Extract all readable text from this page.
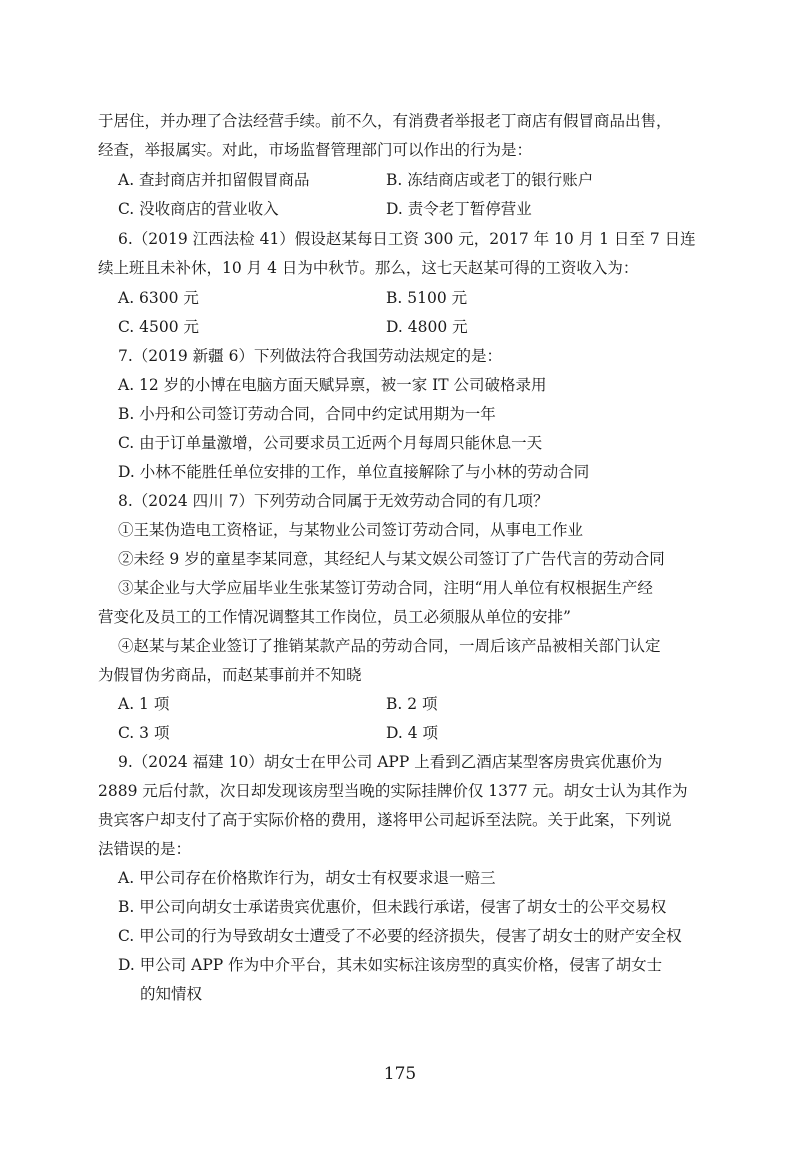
于居住，并办理了合法经营手续。前不久，有消费者举报老丁商店有假冒商品出售，
经查，举报属实。对此，市场监督管理部门可以作出的行为是：
A. 查封商店并扣留假冒商品	B. 冻结商店或老丁的银行账户
C. 没收商店的营业收入	D. 责令老丁暂停营业
6.（2019 江西法检 41）假设赵某每日工资 300 元，2017 年 10 月 1 日至 7 日连
续上班且未补休，10 月 4 日为中秋节。那么，这七天赵某可得的工资收入为：
A. 6300 元	B. 5100 元
C. 4500 元	D. 4800 元
7.（2019 新疆 6）下列做法符合我国劳动法规定的是：
A. 12 岁的小博在电脑方面天赋异禀，被一家 IT 公司破格录用
B. 小丹和公司签订劳动合同，合同中约定试用期为一年
C. 由于订单量激增，公司要求员工近两个月每周只能休息一天
D. 小林不能胜任单位安排的工作，单位直接解除了与小林的劳动合同
8.（2024 四川 7）下列劳动合同属于无效劳动合同的有几项？
①王某伪造电工资格证，与某物业公司签订劳动合同，从事电工作业
②未经 9 岁的童星李某同意，其经纪人与某文娱公司签订了广告代言的劳动合同
③某企业与大学应届毕业生张某签订劳动合同，注明“用人单位有权根据生产经
营变化及员工的工作情况调整其工作岗位，员工必须服从单位的安排”
④赵某与某企业签订了推销某款产品的劳动合同，一周后该产品被相关部门认定
为假冒伪劣商品，而赵某事前并不知晓
A. 1 项	B. 2 项
C. 3 项	D. 4 项
9.（2024 福建 10）胡女士在甲公司 APP 上看到乙酒店某型客房贵宾优惠价为
2889 元后付款，次日却发现该房型当晚的实际挂牌价仅 1377 元。胡女士认为其作为
贵宾客户却支付了高于实际价格的费用，遂将甲公司起诉至法院。关于此案，下列说
法错误的是：
A. 甲公司存在价格欺诈行为，胡女士有权要求退一赔三
B. 甲公司向胡女士承诺贵宾优惠价，但未践行承诺，侵害了胡女士的公平交易权
C. 甲公司的行为导致胡女士遭受了不必要的经济损失，侵害了胡女士的财产安全权
D. 甲公司 APP 作为中介平台，其未如实标注该房型的真实价格，侵害了胡女士
的知情权
175
